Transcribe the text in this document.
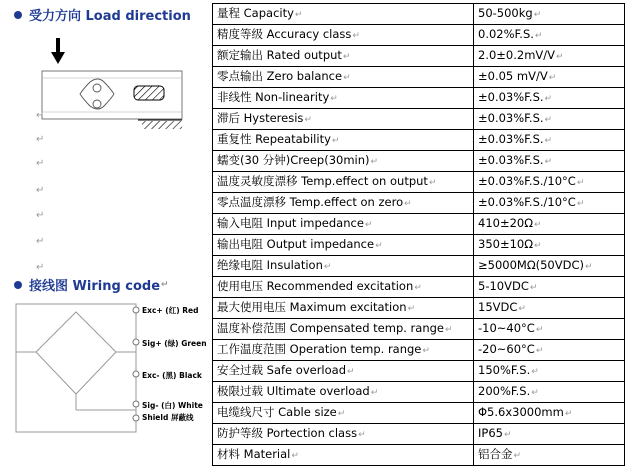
受力方向 Load direction
↵
↵
↵
↵
↵
↵
↵
接线图 Wiring code ↵
Exc+ (红) Red
Sig+ (绿) Green
Exc- (黑) Black
Sig- (白) White
Shield 屏蔽线
量程 Capacity↵	50-500kg↵
精度等级 Accuracy class↵	0.02%F.S.↵
额定输出 Rated output↵	2.0±0.2mV/V↵
零点输出 Zero balance↵	±0.05 mV/V↵
非线性 Non-linearity↵	±0.03%F.S.↵
滞后 Hysteresis↵	±0.03%F.S.↵
重复性 Repeatability↵	±0.03%F.S.↵
蠕变(30 分钟)Creep(30min)↵	±0.03%F.S.↵
温度灵敏度漂移 Temp.effect on output↵	±0.03%F.S./10°C↵
零点温度漂移 Temp.effect on zero↵	±0.03%F.S./10°C↵
输入电阻 Input impedance↵	410±20Ω↵
输出电阻 Output impedance↵	350±10Ω↵
绝缘电阻 Insulation↵	≥5000MΩ(50VDC)↵
使用电压 Recommended excitation↵	5-10VDC↵
最大使用电压 Maximum excitation↵	15VDC↵
温度补偿范围 Compensated temp. range↵	-10~40°C↵
工作温度范围 Operation temp. range↵	-20~60°C↵
安全过载 Safe overload↵	150%F.S.↵
极限过载 Ultimate overload↵	200%F.S.↵
电缆线尺寸 Cable size↵	Φ5.6x3000mm↵
防护等级 Portection class↵	IP65↵
材料 Material↵	铝合金↵
